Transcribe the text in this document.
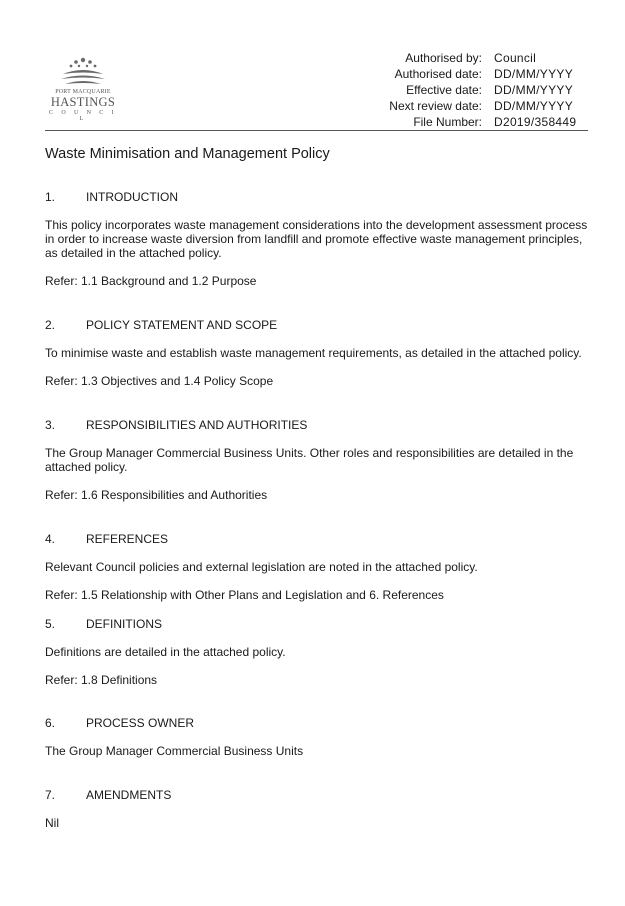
PORT MACQUARIE
HASTINGS
C O U N C I L
Authorised by: Council
Authorised date: DD/MM/YYYY
Effective date: DD/MM/YYYY
Next review date: DD/MM/YYYY
File Number: D2019/358449
Waste Minimisation and Management Policy
1.	INTRODUCTION
This policy incorporates waste management considerations into the development assessment process in order to increase waste diversion from landfill and promote effective waste management principles, as detailed in the attached policy.
Refer: 1.1 Background and 1.2 Purpose
2.	POLICY STATEMENT AND SCOPE
To minimise waste and establish waste management requirements, as detailed in the attached policy.
Refer: 1.3 Objectives and 1.4 Policy Scope
3.	RESPONSIBILITIES AND AUTHORITIES
The Group Manager Commercial Business Units. Other roles and responsibilities are detailed in the attached policy.
Refer: 1.6 Responsibilities and Authorities
4.	REFERENCES
Relevant Council policies and external legislation are noted in the attached policy.
Refer: 1.5 Relationship with Other Plans and Legislation and 6. References
5.	DEFINITIONS
Definitions are detailed in the attached policy.
Refer: 1.8 Definitions
6.	PROCESS OWNER
The Group Manager Commercial Business Units
7.	AMENDMENTS
Nil
